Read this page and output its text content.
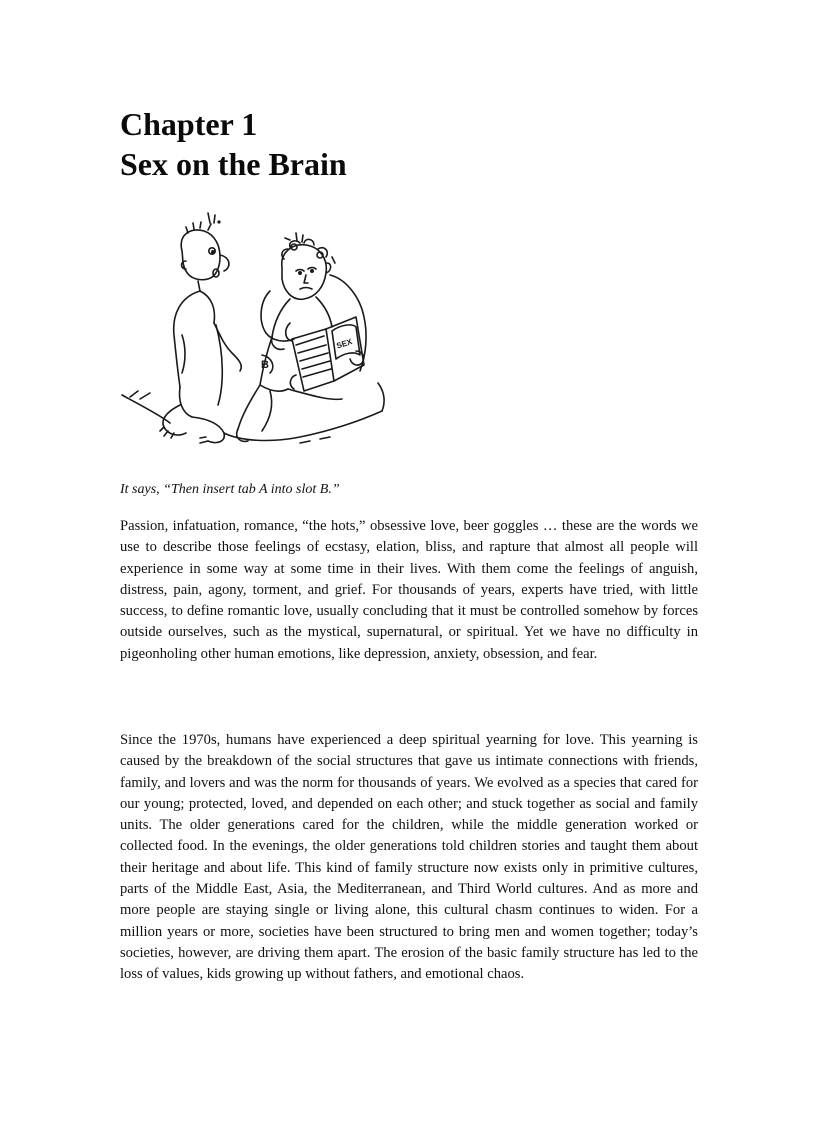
Chapter 1
Sex on the Brain
B
SEX

It says, “Then insert tab A into slot B.”

Passion, infatuation, romance, “the hots,” obsessive love, beer goggles … these are the words we use to describe those feelings of ecstasy, elation, bliss, and rapture that almost all people will experience in some way at some time in their lives. With them come the feelings of anguish, distress, pain, agony, torment, and grief. For thousands of years, experts have tried, with little success, to define romantic love, usually concluding that it must be controlled somehow by forces outside ourselves, such as the mystical, supernatural, or spiritual. Yet we have no difficulty in pigeonholing other human emotions, like depression, anxiety, obsession, and fear.

Since the 1970s, humans have experienced a deep spiritual yearning for love. This yearning is caused by the breakdown of the social structures that gave us intimate connections with friends, family, and lovers and was the norm for thousands of years. We evolved as a species that cared for our young; protected, loved, and depended on each other; and stuck together as social and family units. The older generations cared for the children, while the middle generation worked or collected food. In the evenings, the older generations told children stories and taught them about their heritage and about life. This kind of family structure now exists only in primitive cultures, parts of the Middle East, Asia, the Mediterranean, and Third World cultures. And as more and more people are staying single or living alone, this cultural chasm continues to widen. For a million years or more, societies have been structured to bring men and women together; today’s societies, however, are driving them apart. The erosion of the basic family structure has led to the loss of values, kids growing up without fathers, and emotional chaos.
